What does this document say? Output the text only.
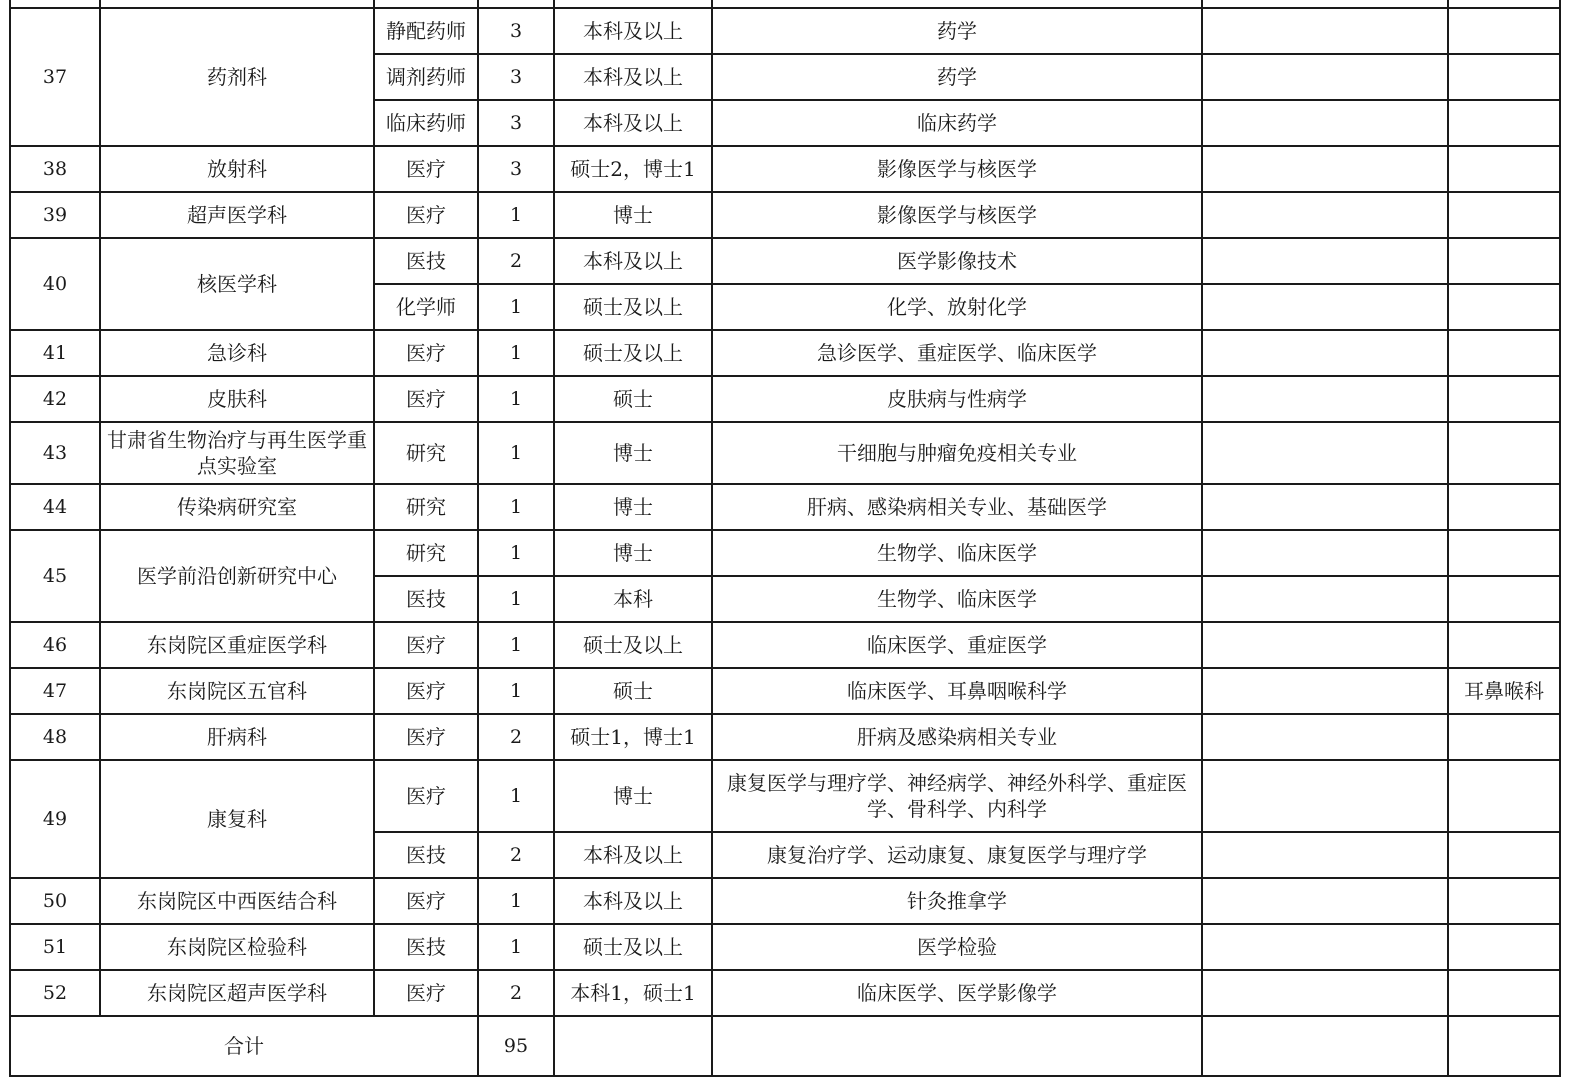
37	药剂科	静配药师	3	本科及以上	药学		
		调剂药师	3	本科及以上	药学		
		临床药师	3	本科及以上	临床药学		
38	放射科	医疗	3	硕士2，博士1	影像医学与核医学		
39	超声医学科	医疗	1	博士	影像医学与核医学		
40	核医学科	医技	2	本科及以上	医学影像技术		
		化学师	1	硕士及以上	化学、放射化学		
41	急诊科	医疗	1	硕士及以上	急诊医学、重症医学、临床医学		
42	皮肤科	医疗	1	硕士	皮肤病与性病学		
43	甘肃省生物治疗与再生医学重点实验室	研究	1	博士	干细胞与肿瘤免疫相关专业		
44	传染病研究室	研究	1	博士	肝病、感染病相关专业、基础医学		
45	医学前沿创新研究中心	研究	1	博士	生物学、临床医学		
		医技	1	本科	生物学、临床医学		
46	东岗院区重症医学科	医疗	1	硕士及以上	临床医学、重症医学		
47	东岗院区五官科	医疗	1	硕士	临床医学、耳鼻咽喉科学		耳鼻喉科
48	肝病科	医疗	2	硕士1，博士1	肝病及感染病相关专业		
49	康复科	医疗	1	博士	康复医学与理疗学、神经病学、神经外科学、重症医学、骨科学、内科学		
		医技	2	本科及以上	康复治疗学、运动康复、康复医学与理疗学		
50	东岗院区中西医结合科	医疗	1	本科及以上	针灸推拿学		
51	东岗院区检验科	医技	1	硕士及以上	医学检验		
52	东岗院区超声医学科	医疗	2	本科1，硕士1	临床医学、医学影像学		
合计			95				
